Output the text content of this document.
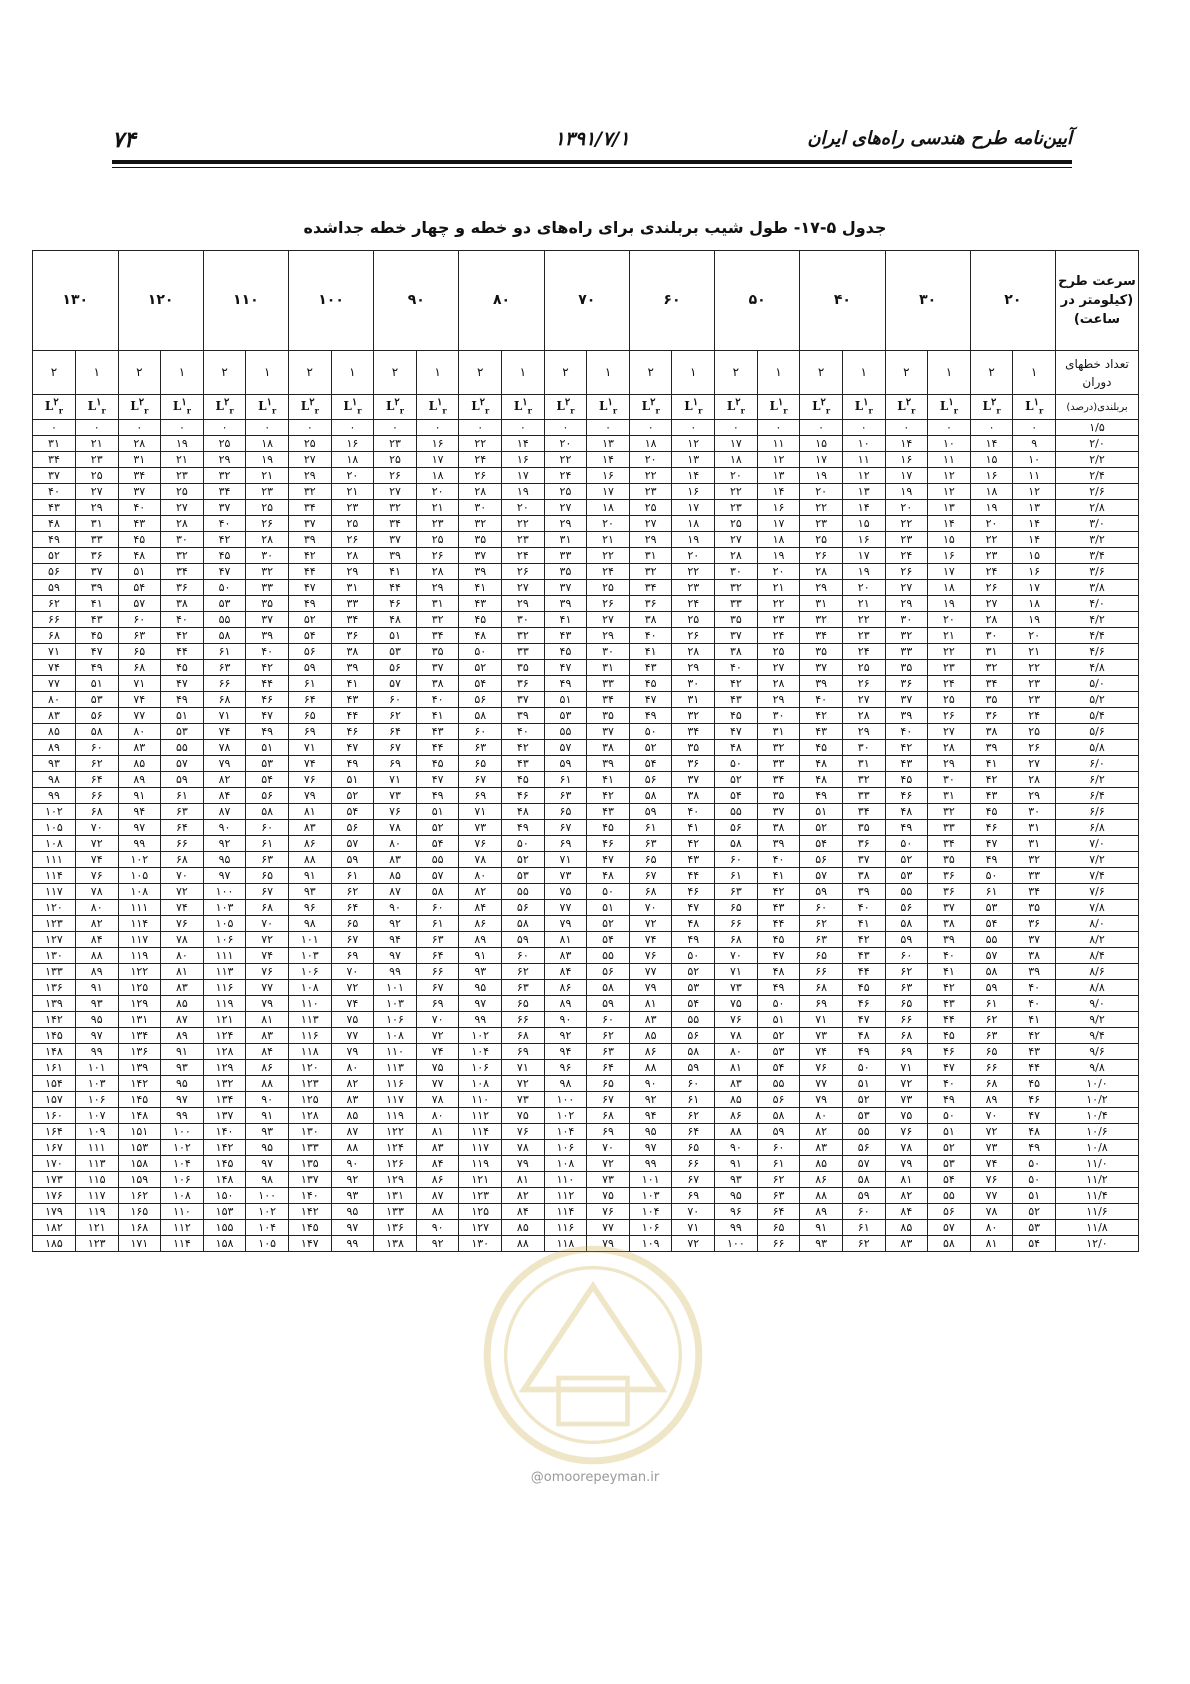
۷۴	۱۳۹۱/۷/۱	آیین‌نامه طرح هندسی راه‌های ایران
جدول ۵-۱۷- طول شیب بربلندی برای راه‌های دو خطه و چهار خطه جداشده
سرعت طرح (کیلومتر در ساعت)	۲۰		۳۰		۴۰		۵۰		۶۰		۷۰		۸۰		۹۰		۱۰۰		۱۱۰		۱۲۰		۱۳۰	
تعداد خطهای دوران	۱	۲	۱	۲	۱	۲	۱	۲	۱	۲	۱	۲	۱	۲	۱	۲	۱	۲	۱	۲	۱	۲	۱	۲
بربلندی(درصد)	$L^۱_r$	$L^۲_r$	$L^۱_r$	$L^۲_r$	$L^۱_r$	$L^۲_r$	$L^۱_r$	$L^۲_r$	$L^۱_r$	$L^۲_r$	$L^۱_r$	$L^۲_r$	$L^۱_r$	$L^۲_r$	$L^۱_r$	$L^۲_r$	$L^۱_r$	$L^۲_r$	$L^۱_r$	$L^۲_r$	$L^۱_r$	$L^۲_r$	$L^۱_r$	$L^۲_r$
۱/۵	۰	۰	۰	۰	۰	۰	۰	۰	۰	۰	۰	۰	۰	۰	۰	۰	۰	۰	۰	۰	۰	۰	۰	۰
۲/۰	۹	۱۴	۱۰	۱۴	۱۰	۱۵	۱۱	۱۷	۱۲	۱۸	۱۳	۲۰	۱۴	۲۲	۱۶	۲۳	۱۶	۲۵	۱۸	۲۵	۱۹	۲۸	۲۱	۳۱
۲/۲	۱۰	۱۵	۱۱	۱۶	۱۱	۱۷	۱۲	۱۸	۱۳	۲۰	۱۴	۲۲	۱۶	۲۴	۱۷	۲۵	۱۸	۲۷	۱۹	۲۹	۲۱	۳۱	۲۳	۳۴
۲/۴	۱۱	۱۶	۱۲	۱۷	۱۲	۱۹	۱۳	۲۰	۱۴	۲۲	۱۶	۲۴	۱۷	۲۶	۱۸	۲۶	۲۰	۲۹	۲۱	۳۲	۲۳	۳۴	۲۵	۳۷
۲/۶	۱۲	۱۸	۱۲	۱۹	۱۳	۲۰	۱۴	۲۲	۱۶	۲۳	۱۷	۲۵	۱۹	۲۸	۲۰	۲۷	۲۱	۳۲	۲۳	۳۴	۲۵	۳۷	۲۷	۴۰
۲/۸	۱۳	۱۹	۱۳	۲۰	۱۴	۲۲	۱۶	۲۳	۱۷	۲۵	۱۸	۲۷	۲۰	۳۰	۲۱	۳۲	۲۳	۳۴	۲۵	۳۷	۲۷	۴۰	۲۹	۴۳
۳/۰	۱۴	۲۰	۱۴	۲۲	۱۵	۲۳	۱۷	۲۵	۱۸	۲۷	۲۰	۲۹	۲۲	۳۲	۲۳	۳۴	۲۵	۳۷	۲۶	۴۰	۲۸	۴۳	۳۱	۴۸
۳/۲	۱۴	۲۲	۱۵	۲۳	۱۶	۲۵	۱۸	۲۷	۱۹	۲۹	۲۱	۳۱	۲۳	۳۵	۲۵	۳۷	۲۶	۳۹	۲۸	۴۲	۳۰	۴۵	۳۳	۴۹
۳/۴	۱۵	۲۳	۱۶	۲۴	۱۷	۲۶	۱۹	۲۸	۲۰	۳۱	۲۲	۳۳	۲۴	۳۷	۲۶	۳۹	۲۸	۴۲	۳۰	۴۵	۳۲	۴۸	۳۶	۵۲
۳/۶	۱۶	۲۴	۱۷	۲۶	۱۹	۲۸	۲۰	۳۰	۲۲	۳۲	۲۴	۳۵	۲۶	۳۹	۲۸	۴۱	۲۹	۴۴	۳۲	۴۷	۳۴	۵۱	۳۷	۵۶
۳/۸	۱۷	۲۶	۱۸	۲۷	۲۰	۲۹	۲۱	۳۲	۲۳	۳۴	۲۵	۳۷	۲۷	۴۱	۲۹	۴۴	۳۱	۴۷	۳۳	۵۰	۳۶	۵۴	۳۹	۵۹
۴/۰	۱۸	۲۷	۱۹	۲۹	۲۱	۳۱	۲۲	۳۳	۲۴	۳۶	۲۶	۳۹	۲۹	۴۳	۳۱	۴۶	۳۳	۴۹	۳۵	۵۳	۳۸	۵۷	۴۱	۶۲
۴/۲	۱۹	۲۸	۲۰	۳۰	۲۲	۳۲	۲۳	۳۵	۲۵	۳۸	۲۷	۴۱	۳۰	۴۵	۳۲	۴۸	۳۴	۵۲	۳۷	۵۵	۴۰	۶۰	۴۳	۶۶
۴/۴	۲۰	۳۰	۲۱	۳۲	۲۳	۳۴	۲۴	۳۷	۲۶	۴۰	۲۹	۴۳	۳۲	۴۸	۳۴	۵۱	۳۶	۵۴	۳۹	۵۸	۴۲	۶۳	۴۵	۶۸
۴/۶	۲۱	۳۱	۲۲	۳۳	۲۴	۳۵	۲۵	۳۸	۲۸	۴۱	۳۰	۴۵	۳۳	۵۰	۳۵	۵۳	۳۸	۵۶	۴۰	۶۱	۴۴	۶۵	۴۷	۷۱
۴/۸	۲۲	۳۲	۲۳	۳۵	۲۵	۳۷	۲۷	۴۰	۲۹	۴۳	۳۱	۴۷	۳۵	۵۲	۳۷	۵۶	۳۹	۵۹	۴۲	۶۳	۴۵	۶۸	۴۹	۷۴
۵/۰	۲۳	۳۴	۲۴	۳۶	۲۶	۳۹	۲۸	۴۲	۳۰	۴۵	۳۳	۴۹	۳۶	۵۴	۳۸	۵۷	۴۱	۶۱	۴۴	۶۶	۴۷	۷۱	۵۱	۷۷
۵/۲	۲۳	۳۵	۲۵	۳۷	۲۷	۴۰	۲۹	۴۳	۳۱	۴۷	۳۴	۵۱	۳۷	۵۶	۴۰	۶۰	۴۳	۶۴	۴۶	۶۸	۴۹	۷۴	۵۳	۸۰
۵/۴	۲۴	۳۶	۲۶	۳۹	۲۸	۴۲	۳۰	۴۵	۳۲	۴۹	۳۵	۵۳	۳۹	۵۸	۴۱	۶۲	۴۴	۶۵	۴۷	۷۱	۵۱	۷۷	۵۶	۸۳
۵/۶	۲۵	۳۸	۲۷	۴۰	۲۹	۴۳	۳۱	۴۷	۳۴	۵۰	۳۷	۵۵	۴۰	۶۰	۴۳	۶۴	۴۶	۶۹	۴۹	۷۴	۵۳	۸۰	۵۸	۸۵
۵/۸	۲۶	۳۹	۲۸	۴۲	۳۰	۴۵	۳۲	۴۸	۳۵	۵۲	۳۸	۵۷	۴۲	۶۳	۴۴	۶۷	۴۷	۷۱	۵۱	۷۸	۵۵	۸۳	۶۰	۸۹
۶/۰	۲۷	۴۱	۲۹	۴۳	۳۱	۴۸	۳۳	۵۰	۳۶	۵۴	۳۹	۵۹	۴۳	۶۵	۴۵	۶۹	۴۹	۷۴	۵۳	۷۹	۵۷	۸۵	۶۲	۹۳
۶/۲	۲۸	۴۲	۳۰	۴۵	۳۲	۴۸	۳۴	۵۲	۳۷	۵۶	۴۱	۶۱	۴۵	۶۷	۴۷	۷۱	۵۱	۷۶	۵۴	۸۲	۵۹	۸۹	۶۴	۹۸
۶/۴	۲۹	۴۳	۳۱	۴۶	۳۳	۴۹	۳۵	۵۴	۳۸	۵۸	۴۲	۶۳	۴۶	۶۹	۴۹	۷۳	۵۲	۷۹	۵۶	۸۴	۶۱	۹۱	۶۶	۹۹
۶/۶	۳۰	۴۵	۳۲	۴۸	۳۴	۵۱	۳۷	۵۵	۴۰	۵۹	۴۳	۶۵	۴۸	۷۱	۵۱	۷۶	۵۴	۸۱	۵۸	۸۷	۶۳	۹۴	۶۸	۱۰۲
۶/۸	۳۱	۴۶	۳۳	۴۹	۳۵	۵۲	۳۸	۵۶	۴۱	۶۱	۴۵	۶۷	۴۹	۷۳	۵۲	۷۸	۵۶	۸۳	۶۰	۹۰	۶۴	۹۷	۷۰	۱۰۵
۷/۰	۳۱	۴۷	۳۴	۵۰	۳۶	۵۴	۳۹	۵۸	۴۲	۶۳	۴۶	۶۹	۵۰	۷۶	۵۴	۸۰	۵۷	۸۶	۶۱	۹۲	۶۶	۹۹	۷۲	۱۰۸
۷/۲	۳۲	۴۹	۳۵	۵۲	۳۷	۵۶	۴۰	۶۰	۴۳	۶۵	۴۷	۷۱	۵۲	۷۸	۵۵	۸۳	۵۹	۸۸	۶۳	۹۵	۶۸	۱۰۲	۷۴	۱۱۱
۷/۴	۳۳	۵۰	۳۶	۵۳	۳۸	۵۷	۴۱	۶۱	۴۴	۶۷	۴۸	۷۳	۵۳	۸۰	۵۷	۸۵	۶۱	۹۱	۶۵	۹۷	۷۰	۱۰۵	۷۶	۱۱۴
۷/۶	۳۴	۶۱	۳۶	۵۵	۳۹	۵۹	۴۲	۶۳	۴۶	۶۸	۵۰	۷۵	۵۵	۸۲	۵۸	۸۷	۶۲	۹۳	۶۷	۱۰۰	۷۲	۱۰۸	۷۸	۱۱۷
۷/۸	۳۵	۵۳	۳۷	۵۶	۴۰	۶۰	۴۳	۶۵	۴۷	۷۰	۵۱	۷۷	۵۶	۸۴	۶۰	۹۰	۶۴	۹۶	۶۸	۱۰۳	۷۴	۱۱۱	۸۰	۱۲۰
۸/۰	۳۶	۵۴	۳۸	۵۸	۴۱	۶۲	۴۴	۶۶	۴۸	۷۲	۵۲	۷۹	۵۸	۸۶	۶۱	۹۲	۶۵	۹۸	۷۰	۱۰۵	۷۶	۱۱۴	۸۲	۱۲۳
۸/۲	۳۷	۵۵	۳۹	۵۹	۴۲	۶۳	۴۵	۶۸	۴۹	۷۴	۵۴	۸۱	۵۹	۸۹	۶۳	۹۴	۶۷	۱۰۱	۷۲	۱۰۶	۷۸	۱۱۷	۸۴	۱۲۷
۸/۴	۳۸	۵۷	۴۰	۶۰	۴۳	۶۵	۴۷	۷۰	۵۰	۷۶	۵۵	۸۳	۶۰	۹۱	۶۴	۹۷	۶۹	۱۰۳	۷۴	۱۱۱	۸۰	۱۱۹	۸۸	۱۳۰
۸/۶	۳۹	۵۸	۴۱	۶۲	۴۴	۶۶	۴۸	۷۱	۵۲	۷۷	۵۶	۸۴	۶۲	۹۳	۶۶	۹۹	۷۰	۱۰۶	۷۶	۱۱۳	۸۱	۱۲۲	۸۹	۱۳۳
۸/۸	۴۰	۵۹	۴۲	۶۳	۴۵	۶۸	۴۹	۷۳	۵۳	۷۹	۵۸	۸۶	۶۳	۹۵	۶۷	۱۰۱	۷۲	۱۰۸	۷۷	۱۱۶	۸۳	۱۲۵	۹۱	۱۳۶
۹/۰	۴۰	۶۱	۴۳	۶۵	۴۶	۶۹	۵۰	۷۵	۵۴	۸۱	۵۹	۸۹	۶۵	۹۷	۶۹	۱۰۳	۷۴	۱۱۰	۷۹	۱۱۹	۸۵	۱۲۹	۹۳	۱۳۹
۹/۲	۴۱	۶۲	۴۴	۶۶	۴۷	۷۱	۵۱	۷۶	۵۵	۸۳	۶۰	۹۰	۶۶	۹۹	۷۰	۱۰۶	۷۵	۱۱۳	۸۱	۱۲۱	۸۷	۱۳۱	۹۵	۱۴۲
۹/۴	۴۲	۶۳	۴۵	۶۸	۴۸	۷۳	۵۲	۷۸	۵۶	۸۵	۶۲	۹۲	۶۸	۱۰۲	۷۲	۱۰۸	۷۷	۱۱۶	۸۳	۱۲۴	۸۹	۱۳۴	۹۷	۱۴۵
۹/۶	۴۳	۶۵	۴۶	۶۹	۴۹	۷۴	۵۳	۸۰	۵۸	۸۶	۶۳	۹۴	۶۹	۱۰۴	۷۴	۱۱۰	۷۹	۱۱۸	۸۴	۱۲۸	۹۱	۱۳۶	۹۹	۱۴۸
۹/۸	۴۴	۶۶	۴۷	۷۱	۵۰	۷۶	۵۴	۸۱	۵۹	۸۸	۶۴	۹۶	۷۱	۱۰۶	۷۵	۱۱۳	۸۰	۱۲۰	۸۶	۱۲۹	۹۳	۱۳۹	۱۰۱	۱۶۱
۱۰/۰	۴۵	۶۸	۴۰	۷۲	۵۱	۷۷	۵۵	۸۳	۶۰	۹۰	۶۵	۹۸	۷۲	۱۰۸	۷۷	۱۱۶	۸۲	۱۲۳	۸۸	۱۳۲	۹۵	۱۴۲	۱۰۳	۱۵۴
۱۰/۲	۴۶	۸۹	۴۹	۷۳	۵۲	۷۹	۵۶	۸۵	۶۱	۹۲	۶۷	۱۰۰	۷۳	۱۱۰	۷۸	۱۱۷	۸۳	۱۲۵	۹۰	۱۳۴	۹۷	۱۴۵	۱۰۶	۱۵۷
۱۰/۴	۴۷	۷۰	۵۰	۷۵	۵۳	۸۰	۵۸	۸۶	۶۲	۹۴	۶۸	۱۰۲	۷۵	۱۱۲	۸۰	۱۱۹	۸۵	۱۲۸	۹۱	۱۳۷	۹۹	۱۴۸	۱۰۷	۱۶۰
۱۰/۶	۴۸	۷۲	۵۱	۷۶	۵۵	۸۲	۵۹	۸۸	۶۴	۹۵	۶۹	۱۰۴	۷۶	۱۱۴	۸۱	۱۲۲	۸۷	۱۳۰	۹۳	۱۴۰	۱۰۰	۱۵۱	۱۰۹	۱۶۴
۱۰/۸	۴۹	۷۳	۵۲	۷۸	۵۶	۸۳	۶۰	۹۰	۶۵	۹۷	۷۰	۱۰۶	۷۸	۱۱۷	۸۳	۱۲۴	۸۸	۱۳۳	۹۵	۱۴۲	۱۰۲	۱۵۳	۱۱۱	۱۶۷
۱۱/۰	۵۰	۷۴	۵۳	۷۹	۵۷	۸۵	۶۱	۹۱	۶۶	۹۹	۷۲	۱۰۸	۷۹	۱۱۹	۸۴	۱۲۶	۹۰	۱۳۵	۹۷	۱۴۵	۱۰۴	۱۵۸	۱۱۳	۱۷۰
۱۱/۲	۵۰	۷۶	۵۴	۸۱	۵۸	۸۶	۶۲	۹۳	۶۷	۱۰۱	۷۳	۱۱۰	۸۱	۱۲۱	۸۶	۱۲۹	۹۲	۱۳۷	۹۸	۱۴۸	۱۰۶	۱۵۹	۱۱۵	۱۷۳
۱۱/۴	۵۱	۷۷	۵۵	۸۲	۵۹	۸۸	۶۳	۹۵	۶۹	۱۰۳	۷۵	۱۱۲	۸۲	۱۲۳	۸۷	۱۳۱	۹۳	۱۴۰	۱۰۰	۱۵۰	۱۰۸	۱۶۲	۱۱۷	۱۷۶
۱۱/۶	۵۲	۷۸	۵۶	۸۴	۶۰	۸۹	۶۴	۹۶	۷۰	۱۰۴	۷۶	۱۱۴	۸۴	۱۲۵	۸۸	۱۳۳	۹۵	۱۴۲	۱۰۲	۱۵۳	۱۱۰	۱۶۵	۱۱۹	۱۷۹
۱۱/۸	۵۳	۸۰	۵۷	۸۵	۶۱	۹۱	۶۵	۹۹	۷۱	۱۰۶	۷۷	۱۱۶	۸۵	۱۲۷	۹۰	۱۳۶	۹۷	۱۴۵	۱۰۴	۱۵۵	۱۱۲	۱۶۸	۱۲۱	۱۸۲
۱۲/۰	۵۴	۸۱	۵۸	۸۳	۶۲	۹۳	۶۶	۱۰۰	۷۲	۱۰۹	۷۹	۱۱۸	۸۸	۱۳۰	۹۲	۱۳۸	۹۹	۱۴۷	۱۰۵	۱۵۸	۱۱۴	۱۷۱	۱۲۳	۱۸۵
@omoorepeyman.ir
